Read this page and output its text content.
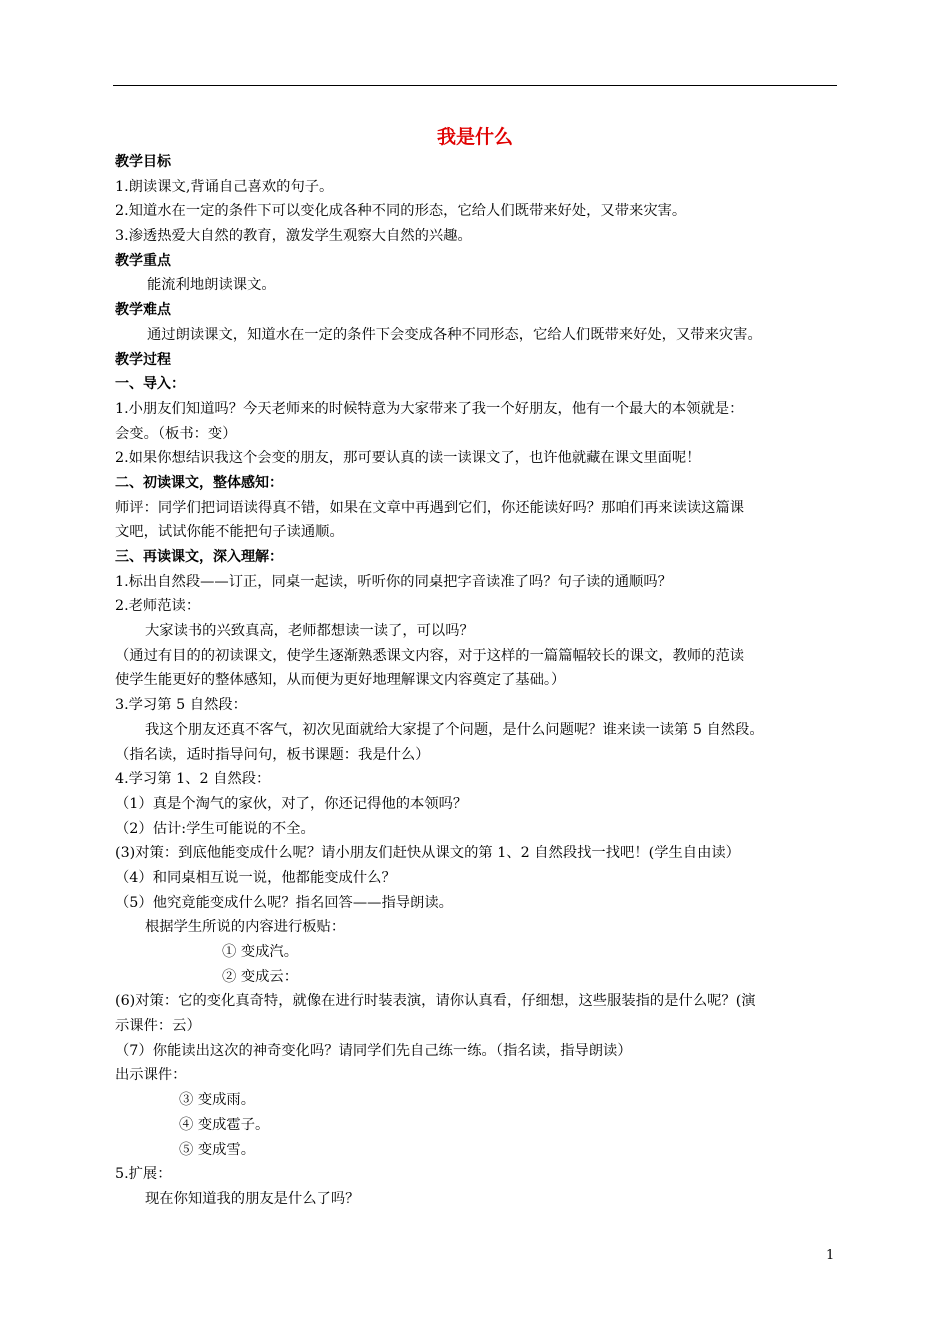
我是什么
教学目标
1.朗读课文,背诵自己喜欢的句子。
2.知道水在一定的条件下可以变化成各种不同的形态，它给人们既带来好处，又带来灾害。
3.渗透热爱大自然的教育，激发学生观察大自然的兴趣。
教学重点
能流利地朗读课文。
教学难点
通过朗读课文，知道水在一定的条件下会变成各种不同形态，它给人们既带来好处，又带来灾害。
教学过程
一、导入：
1.小朋友们知道吗？今天老师来的时候特意为大家带来了我一个好朋友，他有一个最大的本领就是：
会变。（板书：变）
2.如果你想结识我这个会变的朋友，那可要认真的读一读课文了，也许他就藏在课文里面呢！
二、初读课文，整体感知：
师评：同学们把词语读得真不错，如果在文章中再遇到它们，你还能读好吗？那咱们再来读读这篇课
文吧，试试你能不能把句子读通顺。
三、再读课文，深入理解：
1.标出自然段——订正，同桌一起读，听听你的同桌把字音读准了吗？句子读的通顺吗？
2.老师范读：
大家读书的兴致真高，老师都想读一读了，可以吗？
（通过有目的的初读课文，使学生逐渐熟悉课文内容，对于这样的一篇篇幅较长的课文，教师的范读
使学生能更好的整体感知，从而便为更好地理解课文内容奠定了基础。）
3.学习第 5 自然段：
我这个朋友还真不客气，初次见面就给大家提了个问题，是什么问题呢？谁来读一读第 5 自然段。
（指名读，适时指导问句，板书课题：我是什么）
4.学习第 1、2 自然段：
（1）真是个淘气的家伙，对了，你还记得他的本领吗？
（2）估计:学生可能说的不全。
(3)对策：到底他能变成什么呢？请小朋友们赶快从课文的第 1、2 自然段找一找吧！(学生自由读）
（4）和同桌相互说一说，他都能变成什么？
（5）他究竟能变成什么呢？指名回答——指导朗读。
根据学生所说的内容进行板贴：
① 变成汽。
② 变成云：
(6)对策：它的变化真奇特，就像在进行时装表演，请你认真看，仔细想，这些服装指的是什么呢？(演
示课件：云）
（7）你能读出这次的神奇变化吗？请同学们先自己练一练。（指名读，指导朗读）
出示课件：
③ 变成雨。
④ 变成雹子。
⑤ 变成雪。
5.扩展：
现在你知道我的朋友是什么了吗？
1
